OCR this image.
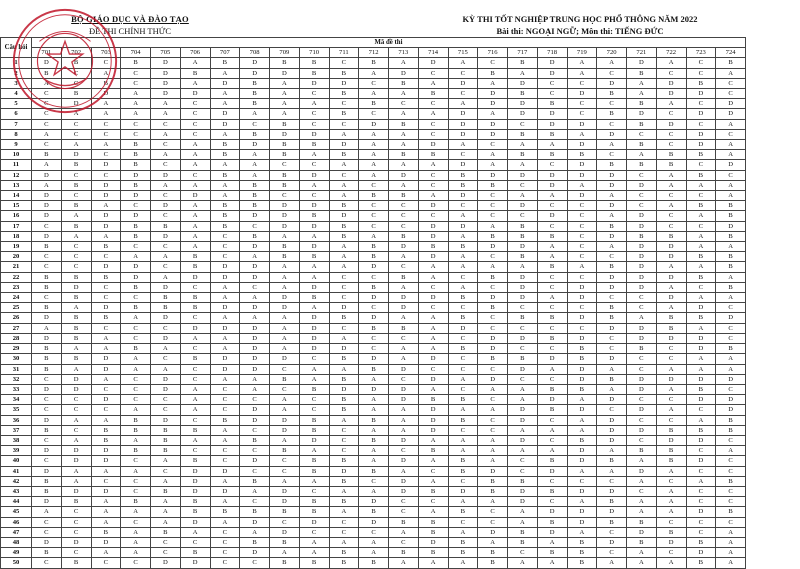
BỘ GIÁO DỤC VÀ ĐÀO TẠO
ĐỀ THI CHÍNH THỨC
KỲ THI TỐT NGHIỆP TRUNG HỌC PHỔ THÔNG NĂM 2022
Bài thi: NGOẠI NGỮ; Môn thi: TIẾNG ĐỨC
Câu hỏi	Mã đề thi																							
	701	702	703	704	705	706	707	708	709	710	711	712	713	714	715	716	717	718	719	720	721	722	723	724
1	D	B	C	B	D	A	B	D	B	B	C	B	A	D	A	C	B	D	A	A	D	A	C	B
2	B	C	A	C	D	B	A	D	D	B	B	A	D	C	C	B	A	D	A	C	B	C	C	A
3	A	C	B	C	D	A	D	B	A	D	D	C	B	A	D	A	D	C	C	D	A	D	B	C
4	C	B	D	A	D	D	A	B	A	C	B	A	A	B	C	D	B	C	D	B	A	D	D	C
5	C	D	A	A	A	C	A	B	A	A	C	B	C	C	A	D	D	B	C	C	B	A	C	D
6	C	A	A	A	A	C	D	A	A	C	B	C	A	A	D	A	D	D	C	B	D	C	D	D
7	C	C	C	C	C	C	D	C	B	C	C	D	B	C	D	D	C	D	D	C	B	D	C	A
8	A	C	C	C	A	C	A	B	D	D	A	A	A	C	D	D	B	B	A	D	C	C	D	C
9	C	A	A	B	C	A	B	D	B	B	D	A	A	D	A	C	A	A	D	A	B	C	D	A
10	B	D	C	B	A	A	B	A	B	A	B	A	B	B	C	A	B	B	B	C	A	B	B	A
11	A	B	D	B	C	A	A	A	C	C	A	A	A	A	D	A	A	C	D	B	B	B	C	D
12	D	C	C	D	D	C	B	A	B	D	C	A	D	C	B	D	D	D	D	D	C	A	B	C
13	A	B	D	B	A	A	A	B	B	A	A	C	A	C	B	B	C	D	A	D	D	A	A	A
14	D	C	D	D	C	D	A	B	C	C	A	B	B	A	D	C	A	A	D	A	C	C	C	A
15	D	B	A	C	D	A	B	B	D	D	B	C	C	D	C	C	D	C	C	D	C	A	B	B
16	D	A	D	D	C	A	B	D	D	B	D	C	C	C	A	C	C	D	C	A	D	C	A	B
17	C	B	D	B	B	A	B	C	D	D	B	C	C	D	D	A	B	C	C	B	D	C	C	D
18	D	A	A	B	D	A	C	B	A	A	B	A	B	D	A	B	B	B	C	D	B	B	A	B
19	B	C	B	C	C	A	C	D	B	D	A	B	D	B	B	D	D	A	C	A	D	D	A	A
20	C	C	C	A	A	B	C	A	B	B	A	B	A	D	A	C	B	A	C	C	D	D	B	B
21	C	C	D	D	C	B	D	D	A	A	A	D	C	A	A	A	A	B	A	B	D	A	A	B
22	B	B	B	D	A	D	D	D	A	A	C	C	B	A	C	B	D	C	C	D	D	D	B	A
23	B	D	C	B	D	C	A	C	A	D	C	B	A	C	A	C	D	C	D	D	D	A	C	B
24	C	B	C	C	B	B	A	A	D	B	C	D	D	D	B	D	D	A	D	C	C	D	A	A
25	B	A	D	B	B	B	D	D	D	A	D	C	D	C	C	B	C	C	C	B	C	A	D	C
26	D	B	B	A	D	C	A	A	A	D	B	D	A	A	B	C	B	B	D	B	A	B	B	D
27	A	B	C	C	C	D	D	D	A	D	C	B	B	A	D	C	C	C	C	D	D	B	A	C
28	D	B	A	C	D	A	A	D	A	D	A	C	C	A	C	D	D	B	D	C	D	D	D	C
29	B	A	A	B	A	C	A	D	A	D	D	C	A	A	B	D	C	C	B	C	B	C	D	B
30	B	B	D	A	C	B	D	D	D	C	B	D	A	D	C	B	B	D	B	D	C	C	A	A
31	B	A	D	A	A	C	D	D	C	A	A	B	D	C	C	C	D	A	D	A	C	A	A	A
32	C	D	A	C	D	C	A	A	B	A	B	A	C	D	A	D	C	C	D	B	D	D	D	D
33	D	D	C	C	D	A	C	A	C	B	D	D	D	A	C	A	A	B	B	A	D	A	B	C
34	C	C	D	C	C	A	C	C	A	C	B	A	D	B	B	C	A	D	A	D	C	C	D	D
35	C	C	C	A	C	A	C	D	A	C	B	A	A	D	A	A	D	B	D	C	D	A	C	D
36	D	A	A	B	D	C	B	D	D	B	A	B	A	D	B	C	D	C	A	D	C	C	A	B
37	B	C	B	B	B	B	A	C	D	B	C	A	A	D	C	C	A	A	A	D	D	B	B	B
38	C	A	B	A	B	A	A	B	A	D	C	B	D	A	A	A	D	C	B	D	C	D	D	C
39	D	D	D	B	B	C	C	C	B	A	C	A	C	B	A	A	A	A	D	A	B	B	C	A
40	C	D	D	C	A	B	C	D	C	B	B	A	D	A	B	A	C	B	D	B	A	B	D	C
41	D	A	A	A	C	D	D	C	C	B	D	B	A	C	B	D	C	D	A	A	D	A	C	C
42	B	A	C	C	A	D	A	B	A	A	B	C	D	A	C	B	B	C	C	C	A	C	A	B
43	B	D	D	C	B	D	D	A	D	C	A	A	D	B	D	B	D	B	D	D	C	A	C	C
44	D	B	A	B	A	B	A	C	D	B	B	D	C	C	A	A	D	C	A	B	A	A	C	C
45	A	C	A	A	A	B	B	B	B	B	A	B	C	A	B	C	A	D	D	D	A	A	D	B
46	C	C	A	C	A	D	A	D	C	D	C	D	B	B	C	C	A	B	D	B	B	C	C	C
47	C	C	B	A	B	A	C	A	D	C	C	C	A	B	A	D	B	D	A	C	D	B	C	A
48	D	D	D	A	C	C	C	B	B	A	A	A	C	D	B	A	B	A	B	D	B	D	B	A
49	B	C	A	A	C	B	C	D	A	A	B	A	B	B	B	B	C	B	B	C	A	C	D	A
50	C	B	C	C	D	D	C	C	B	B	B	B	A	A	A	B	A	A	B	A	A	A	B	A
